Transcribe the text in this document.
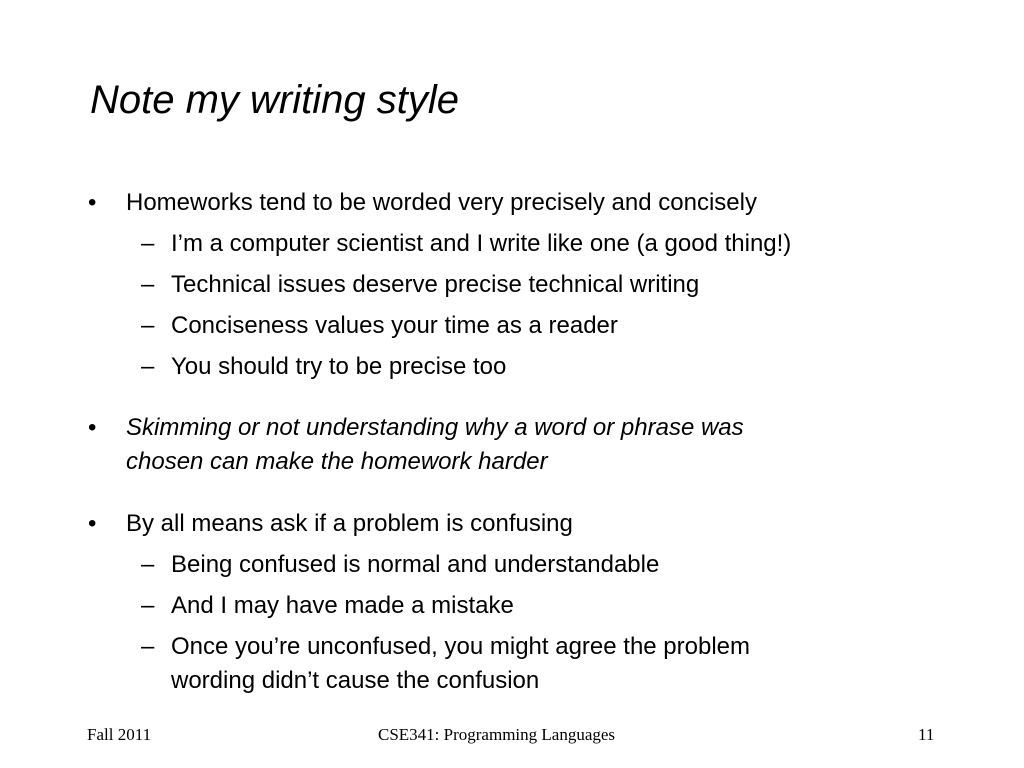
Note my writing style
• Homeworks tend to be worded very precisely and concisely
– I’m a computer scientist and I write like one (a good thing!)
– Technical issues deserve precise technical writing
– Conciseness values your time as a reader
– You should try to be precise too
• Skimming or not understanding why a word or phrase was
chosen can make the homework harder
• By all means ask if a problem is confusing
– Being confused is normal and understandable
– And I may have made a mistake
– Once you’re unconfused, you might agree the problem
wording didn’t cause the confusion
Fall 2011	CSE341: Programming Languages	11
